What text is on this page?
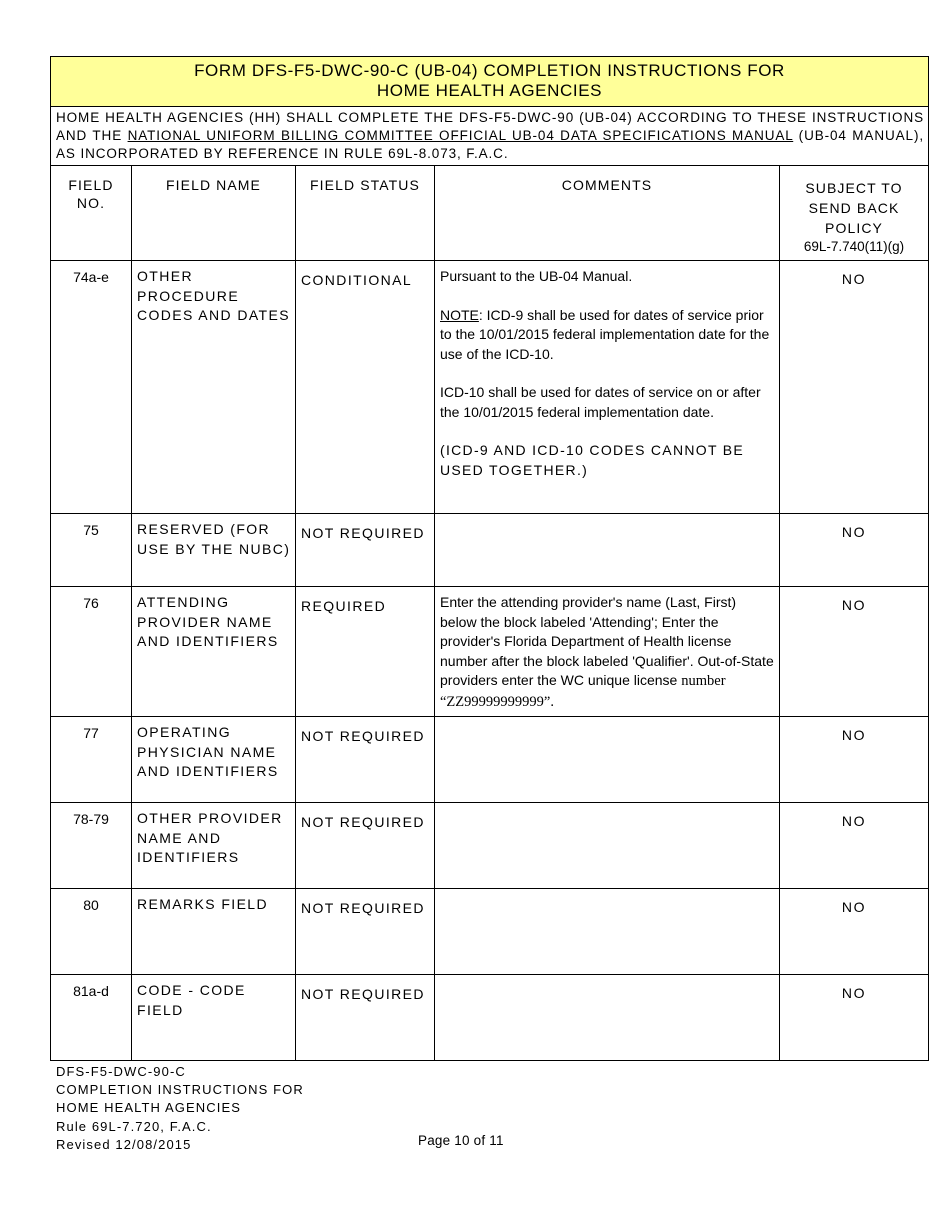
FORM DFS-F5-DWC-90-C (UB-04) COMPLETION INSTRUCTIONS FOR
HOME HEALTH AGENCIES				

HOME HEALTH AGENCIES (HH) SHALL COMPLETE THE DFS-F5-DWC-90 (UB-04) ACCORDING TO THESE INSTRUCTIONS AND THE NATIONAL UNIFORM BILLING COMMITTEE OFFICIAL UB-04 DATA SPECIFICATIONS MANUAL (UB-04 MANUAL), AS INCORPORATED BY REFERENCE IN RULE 69L-8.073, F.A.C.				
FIELD NO.	FIELD NAME	FIELD STATUS	COMMENTS	SUBJECT TO SEND BACK POLICY
69L-7.740(11)(g)

74a-e	OTHER PROCEDURE CODES AND DATES	CONDITIONAL	Pursuant to the UB-04 Manual.

NOTE: ICD-9 shall be used for dates of service prior to the 10/01/2015 federal implementation date for the use of the ICD-10.

ICD-10 shall be used for dates of service on or after the 10/01/2015 federal implementation date.

(ICD-9 AND ICD-10 CODES CANNOT BE USED TOGETHER.)	NO
75	RESERVED (FOR USE BY THE NUBC)	NOT REQUIRED		NO
76	ATTENDING PROVIDER NAME AND IDENTIFIERS	REQUIRED	Enter the attending provider's name (Last, First) below the block labeled 'Attending'; Enter the provider's Florida Department of Health license number after the block labeled 'Qualifier'. Out-of-State providers enter the WC unique license number “ZZ99999999999”.	NO
77	OPERATING PHYSICIAN NAME AND IDENTIFIERS	NOT REQUIRED		NO
78-79	OTHER PROVIDER NAME AND IDENTIFIERS	NOT REQUIRED		NO
80	REMARKS FIELD	NOT REQUIRED		NO
81a-d	CODE - CODE FIELD	NOT REQUIRED		NO
DFS-F5-DWC-90-C
COMPLETION INSTRUCTIONS FOR
HOME HEALTH AGENCIES
Rule 69L-7.720, F.A.C.
Revised 12/08/2015	Page 10 of 11
